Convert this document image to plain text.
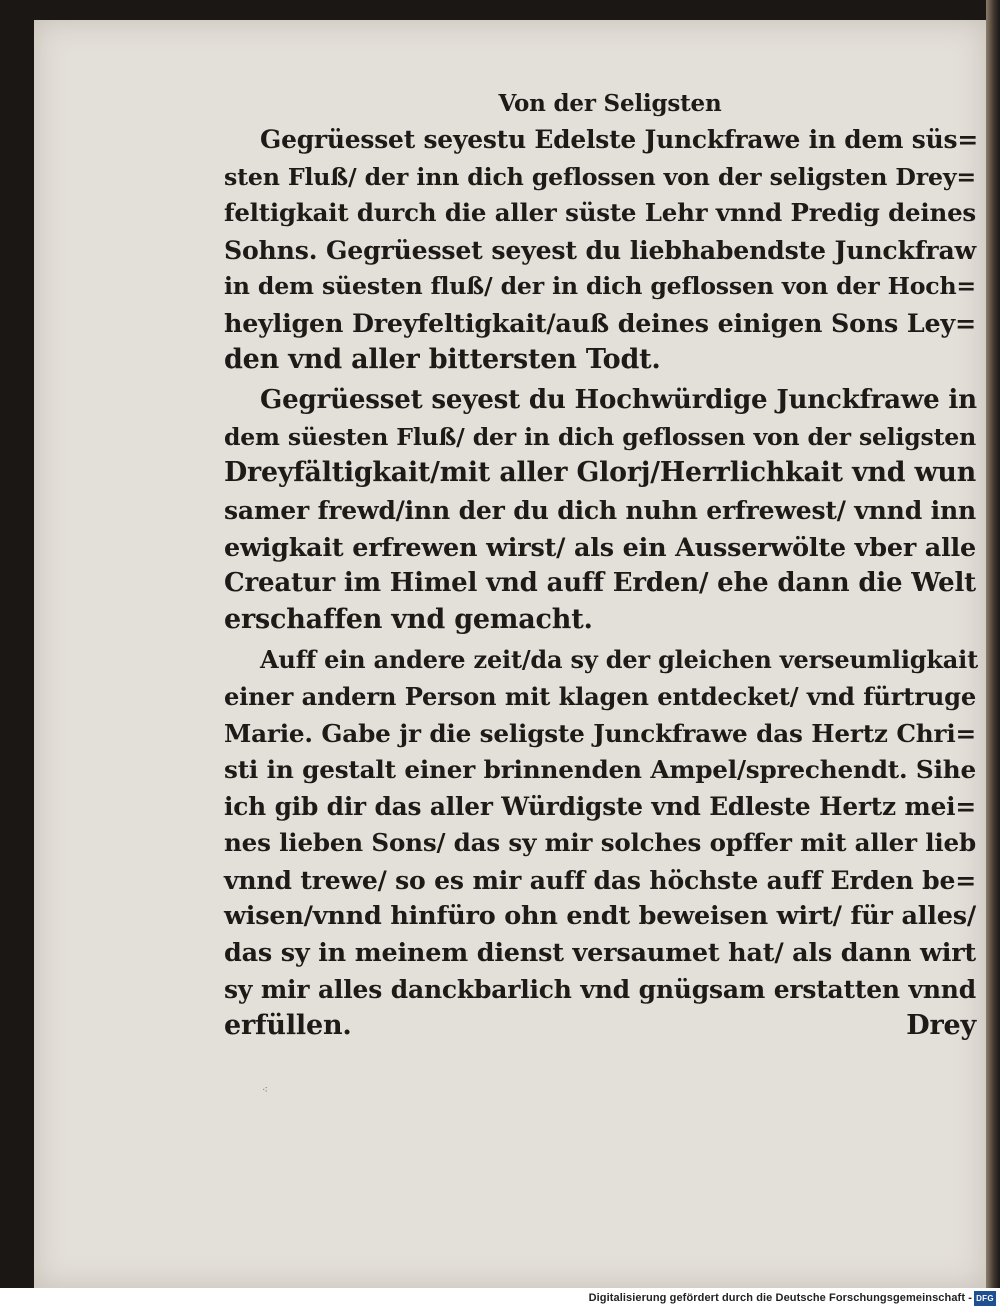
Von der Seligsten
Gegrüesset seyestu Edelste Junckfrawe in dem süs=
sten Fluß/ der inn dich geflossen von der seligsten Drey=
feltigkait durch die aller süste Lehr vnnd Predig deines
Sohns. Gegrüesset seyest du liebhabendste Junckfraw
in dem süesten fluß/ der in dich geflossen von der Hoch=
heyligen Dreyfeltigkait/auß deines einigen Sons Ley=
den vnd aller bittersten Todt.
Gegrüesset seyest du Hochwürdige Junckfrawe in
dem süesten Fluß/ der in dich geflossen von der seligsten
Dreyfältigkait/mit aller Glorj/Herrlichkait vnd wun
samer frewd/inn der du dich nuhn erfrewest/ vnnd inn
ewigkait erfrewen wirst/ als ein Ausserwölte vber alle
Creatur im Himel vnd auff Erden/ ehe dann die Welt
erschaffen vnd gemacht.
Auff ein andere zeit/da sy der gleichen verseumligkait
einer andern Person mit klagen entdecket/ vnd fürtruge
Marie. Gabe jr die seligste Junckfrawe das Hertz Chri=
sti in gestalt einer brinnenden Ampel/sprechendt. Sihe
ich gib dir das aller Würdigste vnd Edleste Hertz mei=
nes lieben Sons/ das sy mir solches opffer mit aller lieb
vnnd trewe/ so es mir auff das höchste auff Erden be=
wisen/vnnd hinfüro ohn endt beweisen wirt/ für alles/
das sy in meinem dienst versaumet hat/ als dann wirt
sy mir alles danckbarlich vnd gnügsam erstatten vnnd
erfüllen.	Drey
⁖
Digitalisierung gefördert durch die Deutsche Forschungsgemeinschaft - DFG
